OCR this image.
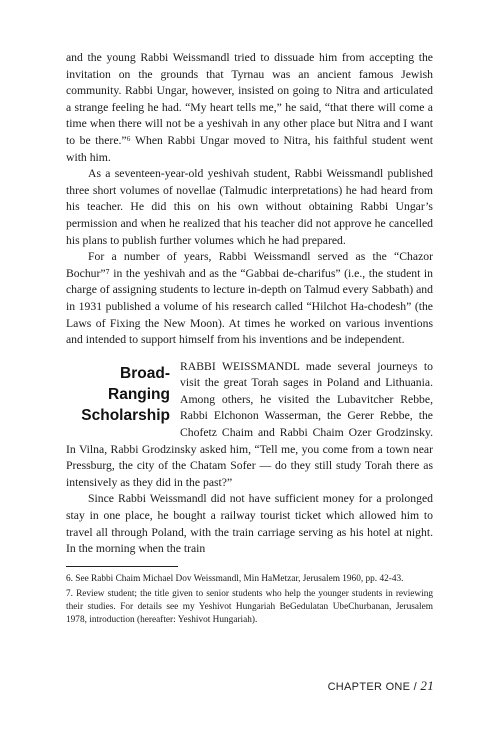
and the young Rabbi Weissmandl tried to dissuade him from accepting the invitation on the grounds that Tyrnau was an ancient famous Jewish community. Rabbi Ungar, however, insisted on going to Nitra and articulated a strange feeling he had. “My heart tells me,” he said, “that there will come a time when there will not be a yeshivah in any other place but Nitra and I want to be there.”⁶ When Rabbi Ungar moved to Nitra, his faithful student went with him.

As a seventeen-year-old yeshivah student, Rabbi Weissmandl published three short volumes of novellae (Talmudic interpretations) he had heard from his teacher. He did this on his own without obtaining Rabbi Ungar’s permission and when he realized that his teacher did not approve he cancelled his plans to publish further volumes which he had prepared.

For a number of years, Rabbi Weissmandl served as the “Chazor Bochur”⁷ in the yeshivah and as the “Gabbai de-charifus” (i.e., the student in charge of assigning students to lecture in-depth on Talmud every Sabbath) and in 1931 published a volume of his research called “Hilchot Ha-chodesh” (the Laws of Fixing the New Moon). At times he worked on various inventions and intended to support himself from his inventions and be independent.

Broad-
Ranging
Scholarship

RABBI WEISSMANDL made several journeys to visit the great Torah sages in Poland and Lithuania. Among others, he visited the Lubavitcher Rebbe, Rabbi Elchonon Wasserman, the Gerer Rebbe, the Chofetz Chaim and Rabbi Chaim Ozer Grodzinsky. In Vilna, Rabbi Grodzinsky asked him, “Tell me, you come from a town near Pressburg, the city of the Chatam Sofer — do they still study Torah there as intensively as they did in the past?”

Since Rabbi Weissmandl did not have sufficient money for a prolonged stay in one place, he bought a railway tourist ticket which allowed him to travel all through Poland, with the train carriage serving as his hotel at night. In the morning when the train

6. See Rabbi Chaim Michael Dov Weissmandl, Min HaMetzar, Jerusalem 1960, pp. 42-43.

7. Review student; the title given to senior students who help the younger students in reviewing their studies. For details see my Yeshivot Hungariah BeGedulatan UbeChurbanan, Jerusalem 1978, introduction (hereafter: Yeshivot Hungariah).

CHAPTER ONE / 21
